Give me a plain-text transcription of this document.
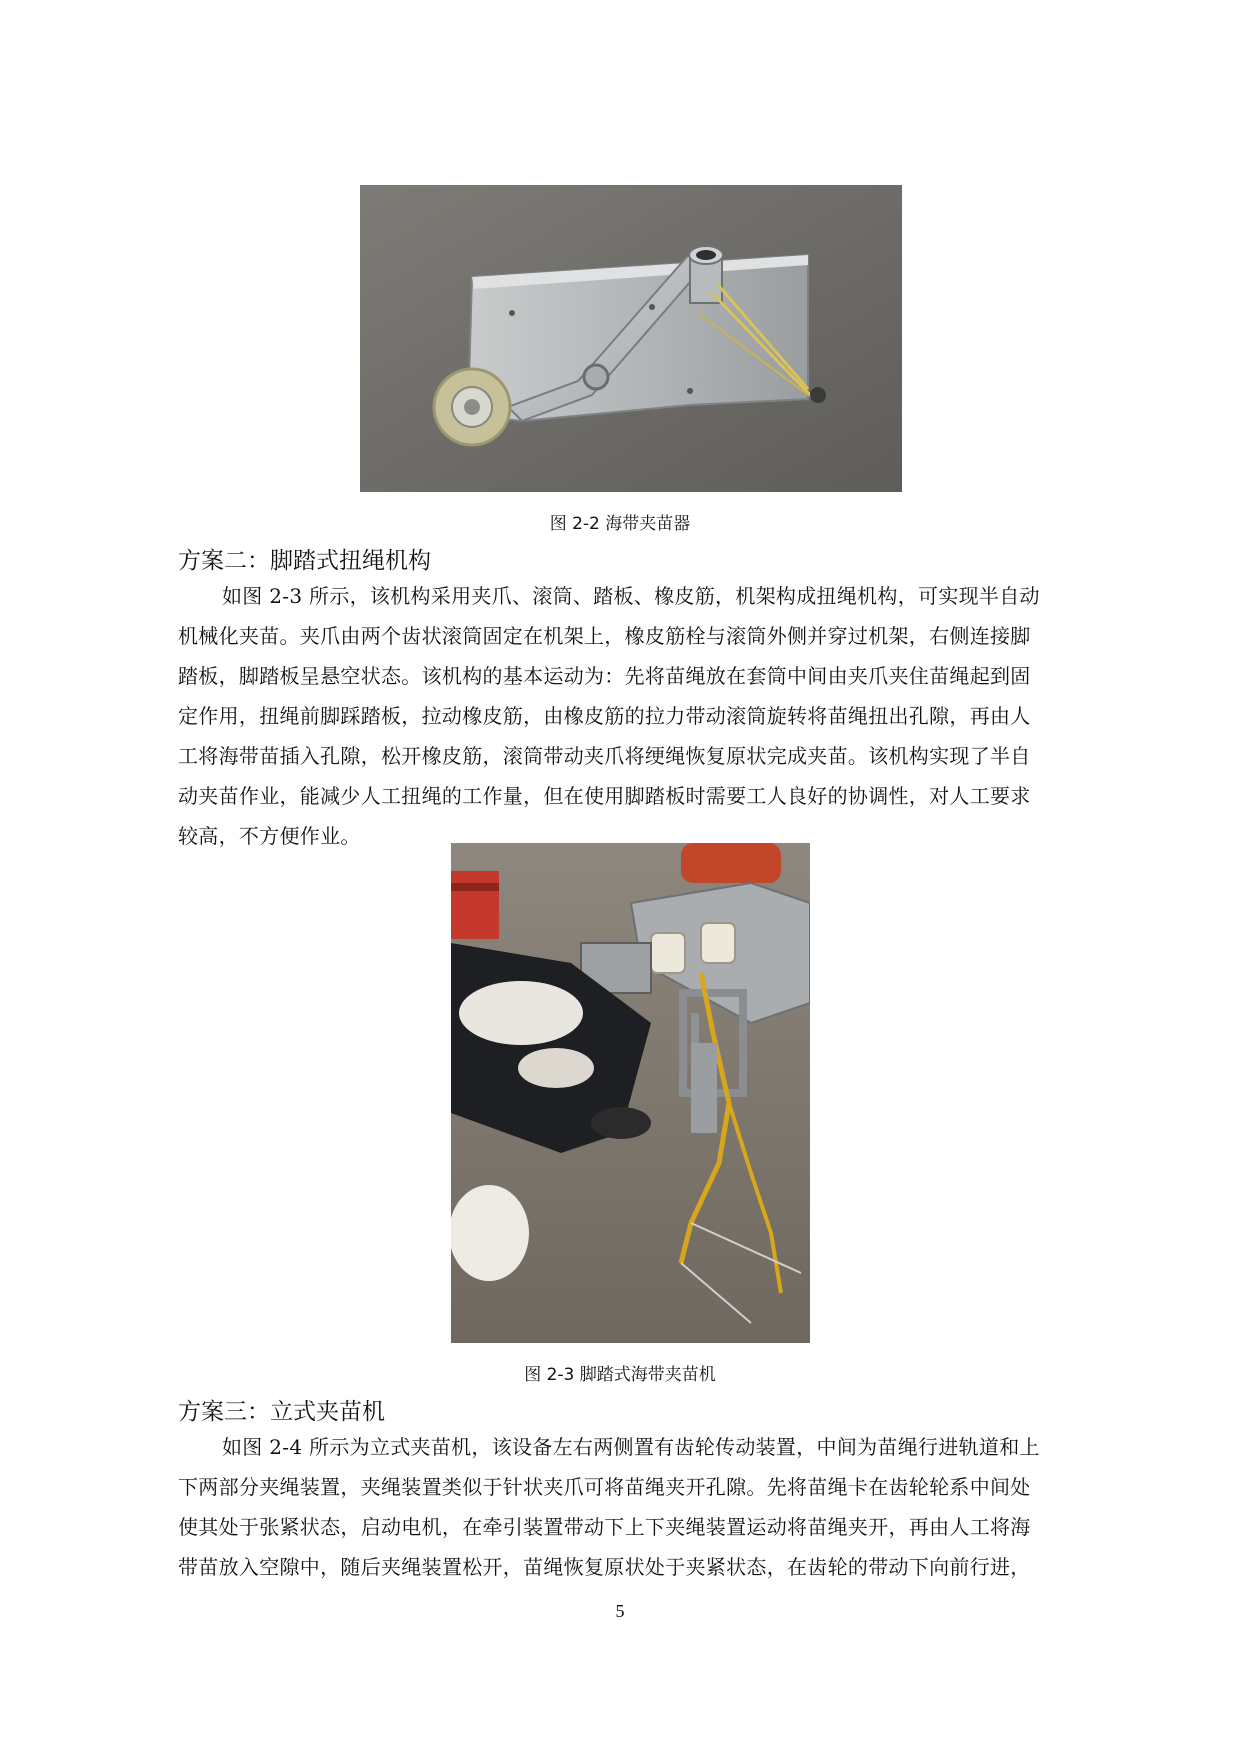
图 2-2 海带夹苗器
方案二：脚踏式扭绳机构
如图 2-3 所示，该机构采用夹爪、滚筒、踏板、橡皮筋，机架构成扭绳机构，可实现半自动
机械化夹苗。夹爪由两个齿状滚筒固定在机架上，橡皮筋栓与滚筒外侧并穿过机架，右侧连接脚
踏板，脚踏板呈悬空状态。该机构的基本运动为：先将苗绳放在套筒中间由夹爪夹住苗绳起到固
定作用，扭绳前脚踩踏板，拉动橡皮筋，由橡皮筋的拉力带动滚筒旋转将苗绳扭出孔隙，再由人
工将海带苗插入孔隙，松开橡皮筋，滚筒带动夹爪将绠绳恢复原状完成夹苗。该机构实现了半自
动夹苗作业，能减少人工扭绳的工作量，但在使用脚踏板时需要工人良好的协调性，对人工要求
较高，不方便作业。
图 2-3 脚踏式海带夹苗机
方案三：立式夹苗机
如图 2-4 所示为立式夹苗机，该设备左右两侧置有齿轮传动装置，中间为苗绳行进轨道和上
下两部分夹绳装置，夹绳装置类似于针状夹爪可将苗绳夹开孔隙。先将苗绳卡在齿轮轮系中间处
使其处于张紧状态，启动电机，在牵引装置带动下上下夹绳装置运动将苗绳夹开，再由人工将海
带苗放入空隙中，随后夹绳装置松开，苗绳恢复原状处于夹紧状态，在齿轮的带动下向前行进，
5
